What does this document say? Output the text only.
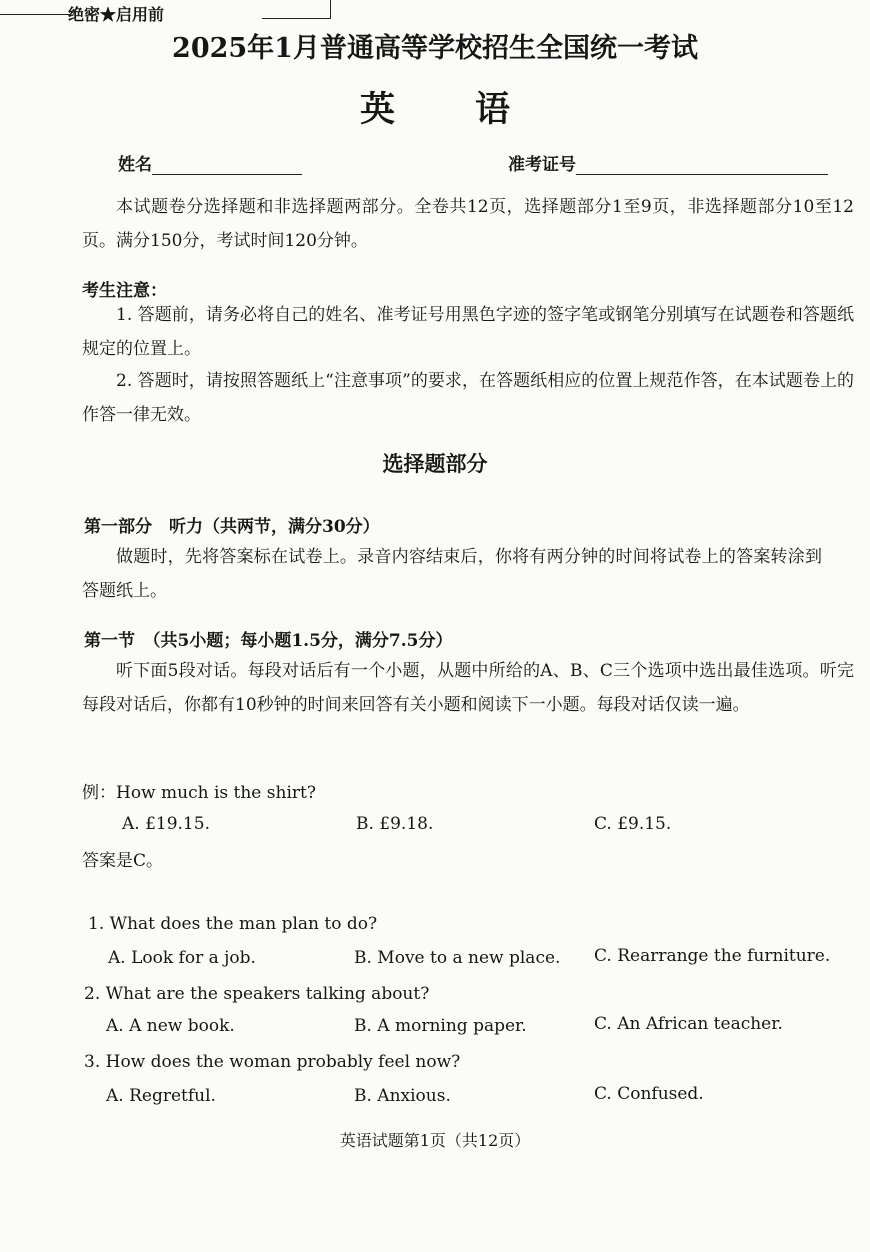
绝密★启用前
2025年1月普通高等学校招生全国统一考试
英语
姓名	准考证号
本试题卷分选择题和非选择题两部分。全卷共12页，选择题部分1至9页，非选择题部分10至12页。满分150分，考试时间120分钟。
考生注意：
1. 答题前，请务必将自己的姓名、准考证号用黑色字迹的签字笔或钢笔分别填写在试题卷和答题纸规定的位置上。
2. 答题时，请按照答题纸上“注意事项”的要求，在答题纸相应的位置上规范作答，在本试题卷上的作答一律无效。
选择题部分
第一部分　听力（共两节，满分30分）
做题时，先将答案标在试卷上。录音内容结束后，你将有两分钟的时间将试卷上的答案转涂到答题纸上。
第一节　（共5小题；每小题1.5分，满分7.5分）
听下面5段对话。每段对话后有一个小题，从题中所给的A、B、C三个选项中选出最佳选项。听完每段对话后，你都有10秒钟的时间来回答有关小题和阅读下一小题。每段对话仅读一遍。
例：How much is the shirt?
A. £19.15.	B. £9.18.	C. £9.15.
答案是C。
1. What does the man plan to do?
A. Look for a job.	B. Move to a new place. C. Rearrange the furniture.
2. What are the speakers talking about?
A. A new book.	B. A morning paper.	C. An African teacher.
3. How does the woman probably feel now?
A. Regretful.	B. Anxious.	C. Confused.
英语试题第1页（共12页）
